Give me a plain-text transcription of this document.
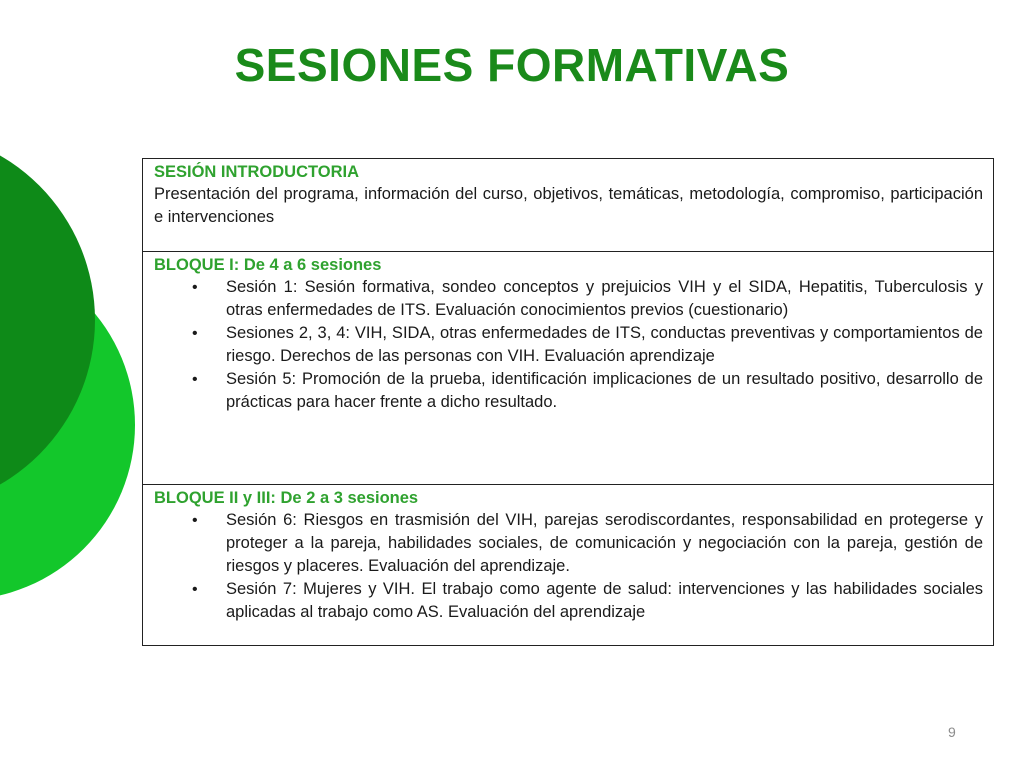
SESIONES FORMATIVAS
SESIÓN INTRODUCTORIA
Presentación del programa, información del curso, objetivos, temáticas, metodología, compromiso, participación e intervenciones
BLOQUE I: De 4 a 6 sesiones
• Sesión 1: Sesión formativa, sondeo conceptos y prejuicios VIH y el SIDA, Hepatitis, Tuberculosis y otras enfermedades de ITS. Evaluación conocimientos previos (cuestionario)
• Sesiones 2, 3, 4: VIH, SIDA, otras enfermedades de ITS, conductas preventivas y comportamientos de riesgo. Derechos de las personas con VIH. Evaluación aprendizaje
• Sesión 5: Promoción de la prueba, identificación implicaciones de un resultado positivo, desarrollo de prácticas para hacer frente a dicho resultado.
BLOQUE II y III: De 2 a 3 sesiones
• Sesión 6: Riesgos en trasmisión del VIH, parejas serodiscordantes, responsabilidad en protegerse y proteger a la pareja, habilidades sociales, de comunicación y negociación con la pareja, gestión de riesgos y placeres. Evaluación del aprendizaje.
• Sesión 7: Mujeres y VIH. El trabajo como agente de salud: intervenciones y las habilidades sociales aplicadas al trabajo como AS. Evaluación del aprendizaje
9
